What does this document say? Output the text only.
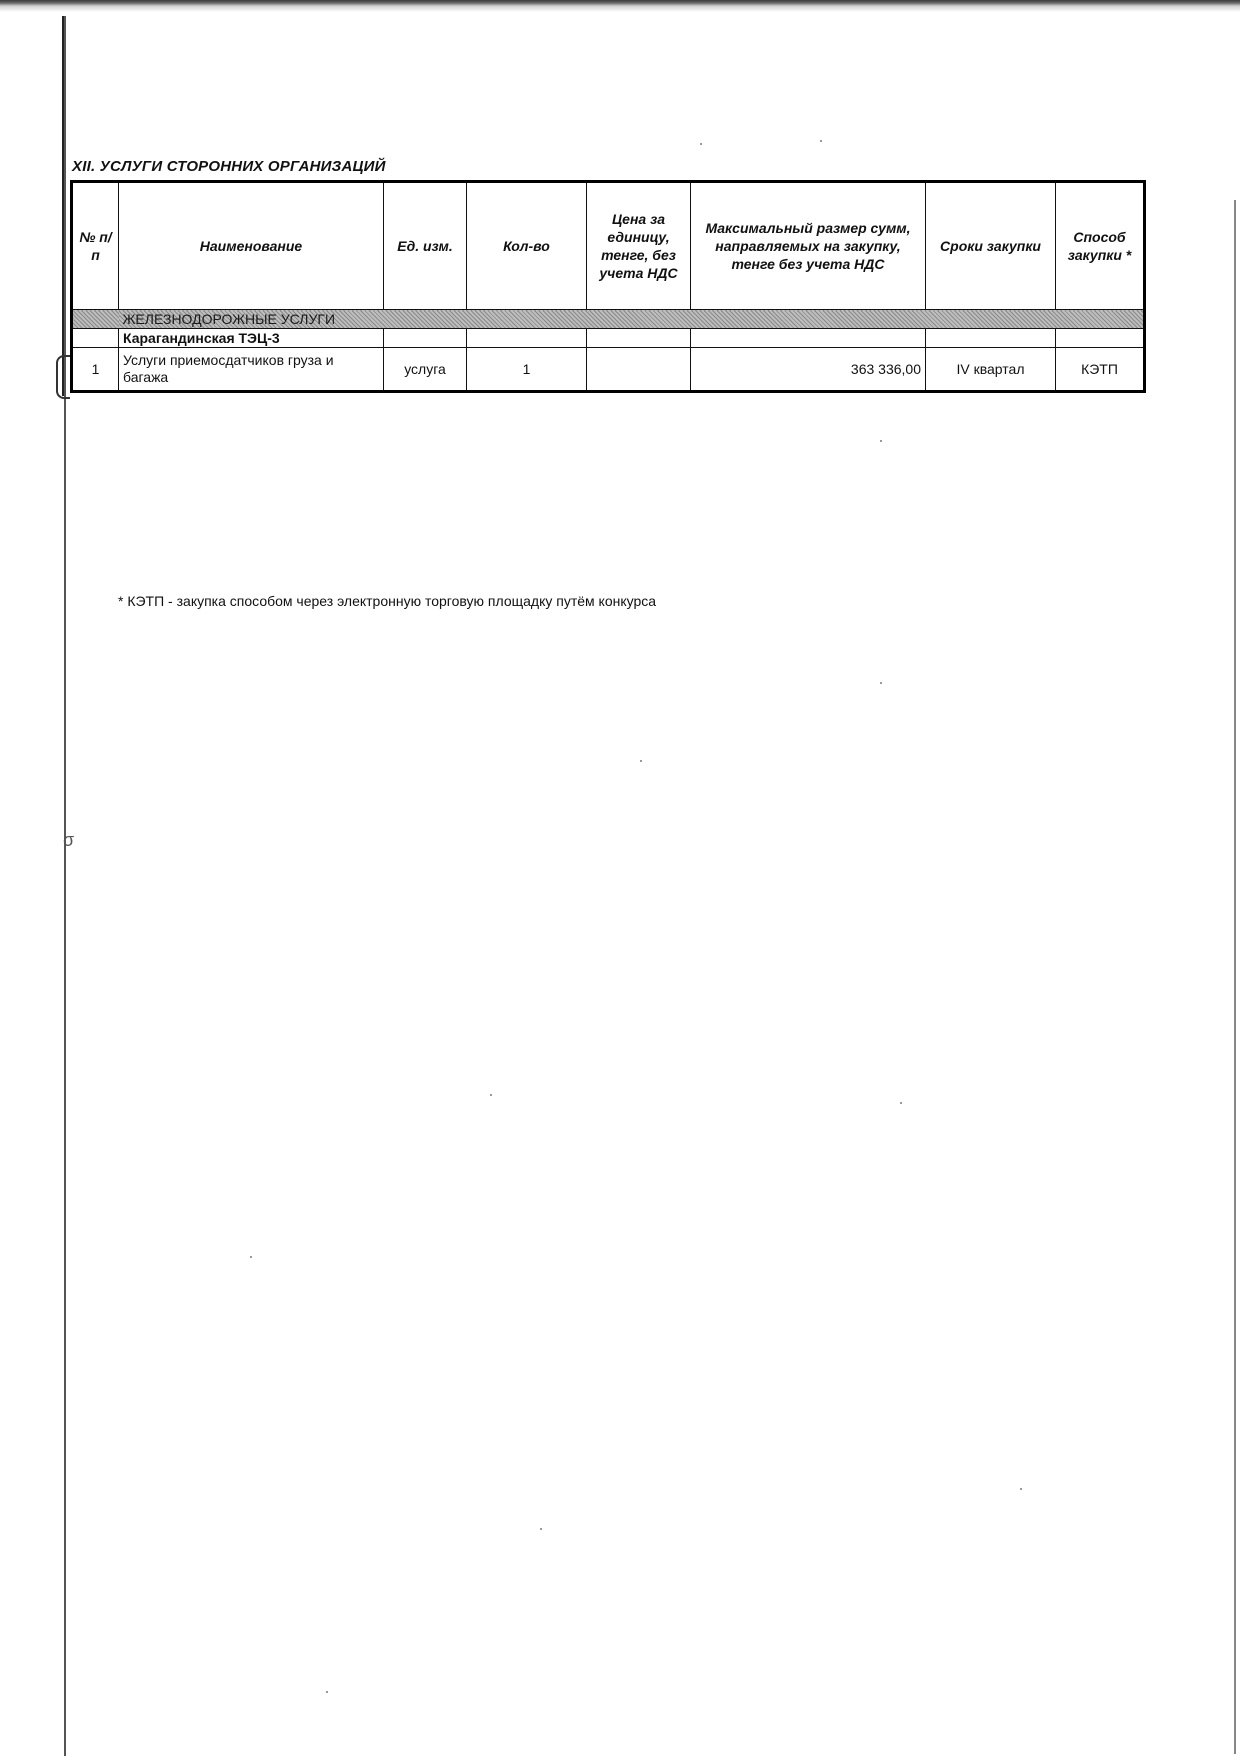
σ
XII. УСЛУГИ СТОРОННИХ ОРГАНИЗАЦИЙ
№ п/п	Наименование	Ед. изм.	Кол-во	Цена за единицу, тенге, без учета НДС	Максимальный размер сумм, направляемых на закупку, тенге без учета НДС	Сроки закупки	Способ закупки *
	ЖЕЛЕЗНОДОРОЖНЫЕ УСЛУГИ						
	Карагандинская ТЭЦ-3						
1	Услуги приемосдатчиков груза и багажа	услуга	1		363 336,00	IV квартал	КЭТП
* КЭТП - закупка способом через электронную торговую площадку путём конкурса
